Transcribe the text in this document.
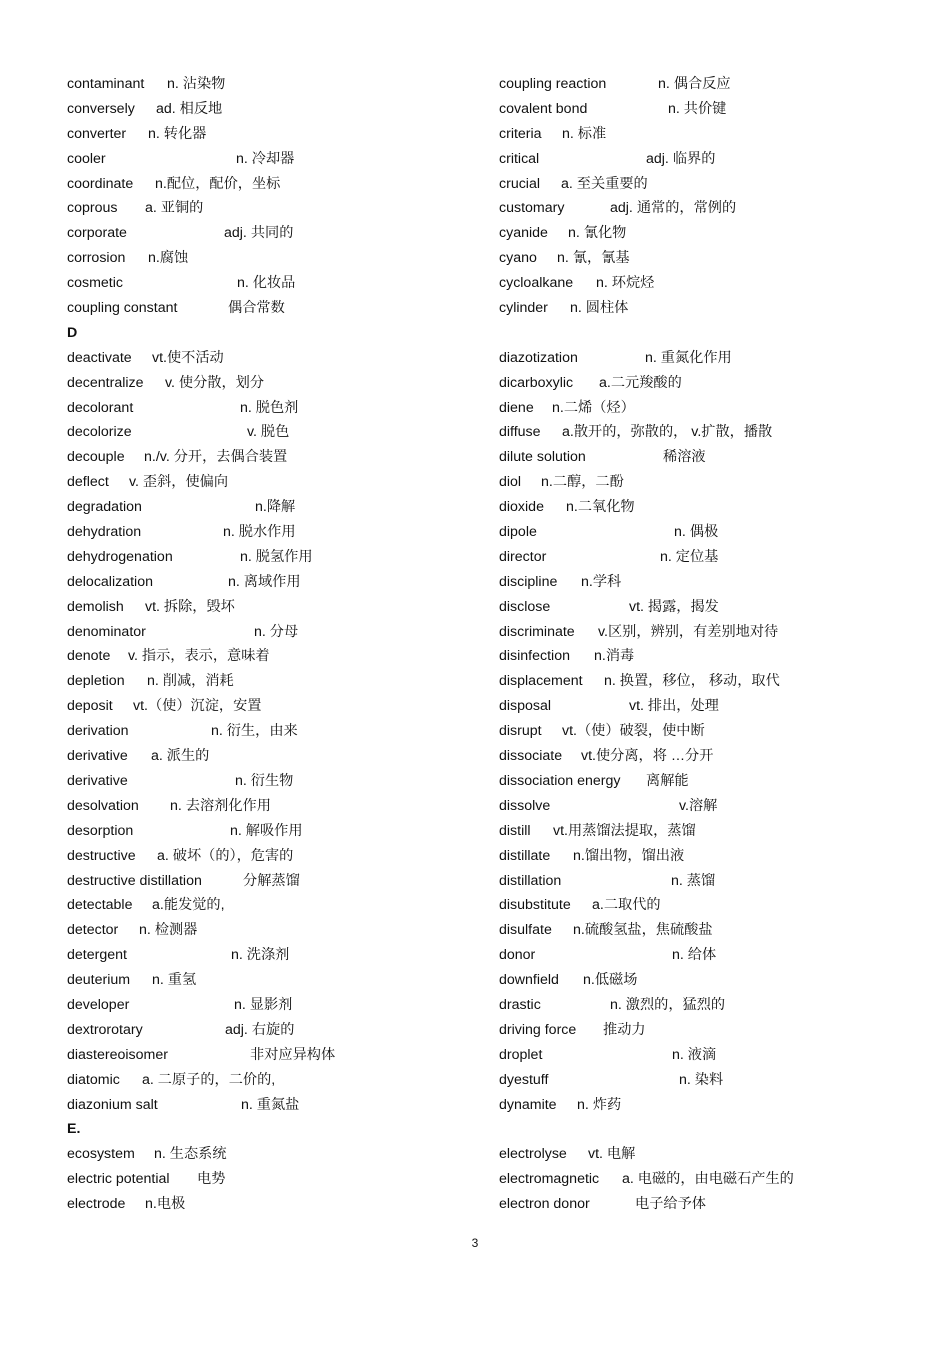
contaminant n. 沾染物
conversely ad. 相反地
converter n. 转化器
cooler	n. 冷却器
coordinate n.配位，配价，坐标
coprous a. 亚铜的
corporate	adj. 共同的
corrosion n.腐蚀
cosmetic	n. 化妆品
coupling constant	偶合常数
D
deactivate vt.使不活动
decentralize v. 使分散，划分
decolorant	n. 脱色剂
decolorize	v. 脱色
decouple n./v. 分开，去偶合装置
deflect v. 歪斜，使偏向
degradation	n.降解
dehydration	n. 脱水作用
dehydrogenation	n. 脱氢作用
delocalization	n. 离域作用
demolish vt. 拆除，毁坏
denominator	n. 分母
denote v. 指示，表示，意味着
depletion n. 削减，消耗
deposit vt.（使）沉淀，安置
derivation	n. 衍生，由来
derivative a. 派生的
derivative	n. 衍生物
desolvation n. 去溶剂化作用
desorption	n. 解吸作用
destructive a. 破坏（的），危害的
destructive distillation	分解蒸馏
detectable a.能发觉的,
detector n. 检测器
detergent	n. 洗涤剂
deuterium n. 重氢
developer	n. 显影剂
dextrorotary	adj. 右旋的
diastereoisomer	非对应异构体
diatomic a. 二原子的，二价的,
diazonium salt	n. 重氮盐
E.
ecosystem n. 生态系统
electric potential 电势
electrode n.电极
coupling reaction	n. 偶合反应
covalent bond	n. 共价键
criteria n. 标准
critical	adj. 临界的
crucial a. 至关重要的
customary	adj. 通常的，常例的
cyanide n. 氰化物
cyano n. 氰，氰基
cycloalkane n. 环烷烃
cylinder n. 圆柱体
diazotization	n. 重氮化作用
dicarboxylic a.二元羧酸的
diene n.二烯（烃）
diffuse a.散开的，弥散的， v.扩散，播散
dilute solution	稀溶液
diol n.二醇，二酚
dioxide n.二氧化物
dipole	n. 偶极
director	n. 定位基
discipline n.学科
disclose	vt. 揭露，揭发
discriminate v.区别，辨别，有差别地对待
disinfection n.消毒
displacement n. 换置，移位， 移动，取代
disposal	vt. 排出，处理
disrupt vt.（使）破裂，使中断
dissociate vt.使分离，将 …分开
dissociation energy 离解能
dissolve	v.溶解
distill vt.用蒸馏法提取，蒸馏
distillate n.馏出物，馏出液
distillation	n. 蒸馏
disubstitute a.二取代的
disulfate n.硫酸氢盐，焦硫酸盐
donor	n. 给体
downfield n.低磁场
drastic	n. 激烈的，猛烈的
driving force 推动力
droplet	n. 液滴
dyestuff	n. 染料
dynamite n. 炸药
electrolyse vt. 电解
electromagnetic a. 电磁的，由电磁石产生的
electron donor	电子给予体
3
